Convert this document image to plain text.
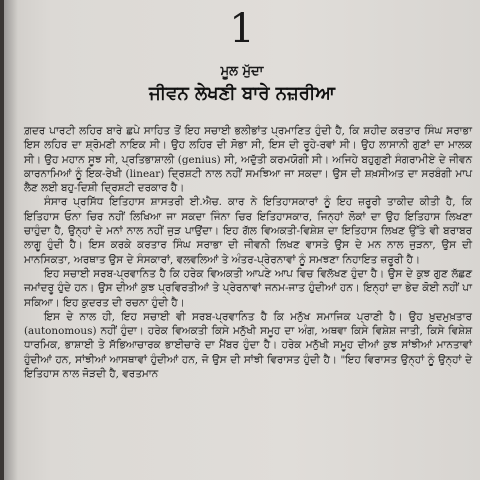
1
ਮੂਲ ਮੁੱਦਾ
ਜੀਵਨ ਲੇਖਣੀ ਬਾਰੇ ਨਜ਼ਰੀਆ

ਗ਼ਦਰ ਪਾਰਟੀ ਲਹਿਰ ਬਾਰੇ ਛਪੇ ਸਾਹਿਤ ਤੋਂ ਇਹ ਸਚਾਈ ਭਲੀਭਾਂਤ ਪ੍ਰਮਾਣਿਤ ਹੁੰਦੀ ਹੈ, ਕਿ ਸ਼ਹੀਦ ਕਰਤਾਰ ਸਿੰਘ ਸਰਾਭਾ ਇਸ ਲਹਿਰ ਦਾ ਸ਼੍ਰੋਮਣੀ ਨਾਇਕ ਸੀ। ਉਹ ਲਹਿਰ ਦੀ ਸੋਭਾ ਸੀ, ਇਸ ਦੀ ਰੂਹੇ-ਰਵਾਂ ਸੀ। ਉਹ ਲਾਸਾਨੀ ਗੁਣਾਂ ਦਾ ਮਾਲਕ ਸੀ। ਉਹ ਮਹਾਨ ਸੂਝ ਸੀ, ਪ੍ਰਤਿਭਾਸ਼ਾਲੀ (genius) ਸੀ, ਅਦੁੱਤੀ ਕਰਮਯੋਗੀ ਸੀ। ਅਜਿਹੇ ਬਹੁਗੁਣੀ ਸੰਗਰਾਮੀਏ ਦੇ ਜੀਵਨ ਕਾਰਨਾਮਿਆਂ ਨੂੰ ਇਕ-ਰੇਖੀ (linear) ਦ੍ਰਿਸ਼ਟੀ ਨਾਲ ਨਹੀਂ ਸਮਝਿਆ ਜਾ ਸਕਦਾ। ਉਸ ਦੀ ਸ਼ਖ਼ਸੀਅਤ ਦਾ ਸਰਬੰਗੀ ਮਾਪ ਲੈਣ ਲਈ ਬਹੁ-ਦਿਸ਼ੀ ਦ੍ਰਿਸ਼ਟੀ ਦਰਕਾਰ ਹੈ।

ਸੰਸਾਰ ਪ੍ਰਸਿੱਧ ਇਤਿਹਾਸ ਸ਼ਾਸਤਰੀ ਈ.ਐਚ. ਕਾਰ ਨੇ ਇਤਿਹਾਸਕਾਰਾਂ ਨੂੰ ਇਹ ਜ਼ਰੂਰੀ ਤਾਕੀਦ ਕੀਤੀ ਹੈ, ਕਿ ਇਤਿਹਾਸ ਓਨਾ ਚਿਰ ਨਹੀਂ ਲਿਖਿਆ ਜਾ ਸਕਦਾ ਜਿੰਨਾ ਚਿਰ ਇਤਿਹਾਸਕਾਰ, ਜਿਨ੍ਹਾਂ ਲੋਕਾਂ ਦਾ ਉਹ ਇਤਿਹਾਸ ਲਿਖਣਾ ਚਾਹੁੰਦਾ ਹੈ, ਉਨ੍ਹਾਂ ਦੇ ਮਨਾਂ ਨਾਲ ਨਹੀਂ ਜੁੜ ਪਾਉਂਦਾ। ਇਹ ਗੱਲ ਵਿਅਕਤੀ-ਵਿਸ਼ੇਸ਼ ਦਾ ਇਤਿਹਾਸ ਲਿਖਣ ਉੱਤੇ ਵੀ ਬਰਾਬਰ ਲਾਗੂ ਹੁੰਦੀ ਹੈ। ਇਸ ਕਰਕੇ ਕਰਤਾਰ ਸਿੰਘ ਸਰਾਭਾ ਦੀ ਜੀਵਨੀ ਲਿਖਣ ਵਾਸਤੇ ਉਸ ਦੇ ਮਨ ਨਾਲ ਜੁੜਨਾ, ਉਸ ਦੀ ਮਾਨਸਿਕਤਾ, ਅਰਥਾਤ ਉਸ ਦੇ ਸੰਸਕਾਰਾਂ, ਵਲਵਲਿਆਂ ਤੇ ਅੰਤਰ-ਪ੍ਰੇਰਨਾਵਾਂ ਨੂੰ ਸਮਝਣਾ ਨਿਹਾਇਤ ਜ਼ਰੂਰੀ ਹੈ।

ਇਹ ਸਚਾਈ ਸਰਬ-ਪ੍ਰਵਾਨਿਤ ਹੈ ਕਿ ਹਰੇਕ ਵਿਅਕਤੀ ਆਪਣੇ ਆਪ ਵਿਚ ਵਿਲੱਖਣ ਹੁੰਦਾ ਹੈ। ਉਸ ਦੇ ਕੁਝ ਗੁਣ ਲੱਛਣ ਜਮਾਂਦਰੂ ਹੁੰਦੇ ਹਨ। ਉਸ ਦੀਆਂ ਕੁਝ ਪ੍ਰਵਿਰਤੀਆਂ ਤੇ ਪ੍ਰੇਰਨਾਵਾਂ ਜਨਮ-ਜਾਤ ਹੁੰਦੀਆਂ ਹਨ। ਇਨ੍ਹਾਂ ਦਾ ਭੇਦ ਕੋਈ ਨਹੀਂ ਪਾ ਸਕਿਆ। ਇਹ ਕੁਦਰਤ ਦੀ ਰਚਨਾ ਹੁੰਦੀ ਹੈ।

ਇਸ ਦੇ ਨਾਲ ਹੀ, ਇਹ ਸਚਾਈ ਵੀ ਸਰਬ-ਪ੍ਰਵਾਨਿਤ ਹੈ ਕਿ ਮਨੁੱਖ ਸਮਾਜਿਕ ਪ੍ਰਾਣੀ ਹੈ। ਉਹ ਖ਼ੁਦਮੁਖ਼ਤਾਰ (autonomous) ਨਹੀਂ ਹੁੰਦਾ। ਹਰੇਕ ਵਿਅਕਤੀ ਕਿਸੇ ਮਨੁੱਖੀ ਸਮੂਹ ਦਾ ਅੰਗ, ਅਥਵਾ ਕਿਸੇ ਵਿਸ਼ੇਸ਼ ਜਾਤੀ, ਕਿਸੇ ਵਿਸ਼ੇਸ਼ ਧਾਰਮਿਕ, ਭਾਸ਼ਾਈ ਤੇ ਸੱਭਿਆਚਾਰਕ ਭਾਈਚਾਰੇ ਦਾ ਮੈਂਬਰ ਹੁੰਦਾ ਹੈ। ਹਰੇਕ ਮਨੁੱਖੀ ਸਮੂਹ ਦੀਆਂ ਕੁਝ ਸਾਂਝੀਆਂ ਮਾਨਤਾਵਾਂ ਹੁੰਦੀਆਂ ਹਨ, ਸਾਂਝੀਆਂ ਆਸਥਾਵਾਂ ਹੁੰਦੀਆਂ ਹਨ, ਜੋ ਉਸ ਦੀ ਸਾਂਝੀ ਵਿਰਾਸਤ ਹੁੰਦੀ ਹੈ। "ਇਹ ਵਿਰਾਸਤ ਉਨ੍ਹਾਂ ਨੂੰ ਉਨ੍ਹਾਂ ਦੇ ਇਤਿਹਾਸ ਨਾਲ ਜੋੜਦੀ ਹੈ, ਵਰਤਮਾਨ
